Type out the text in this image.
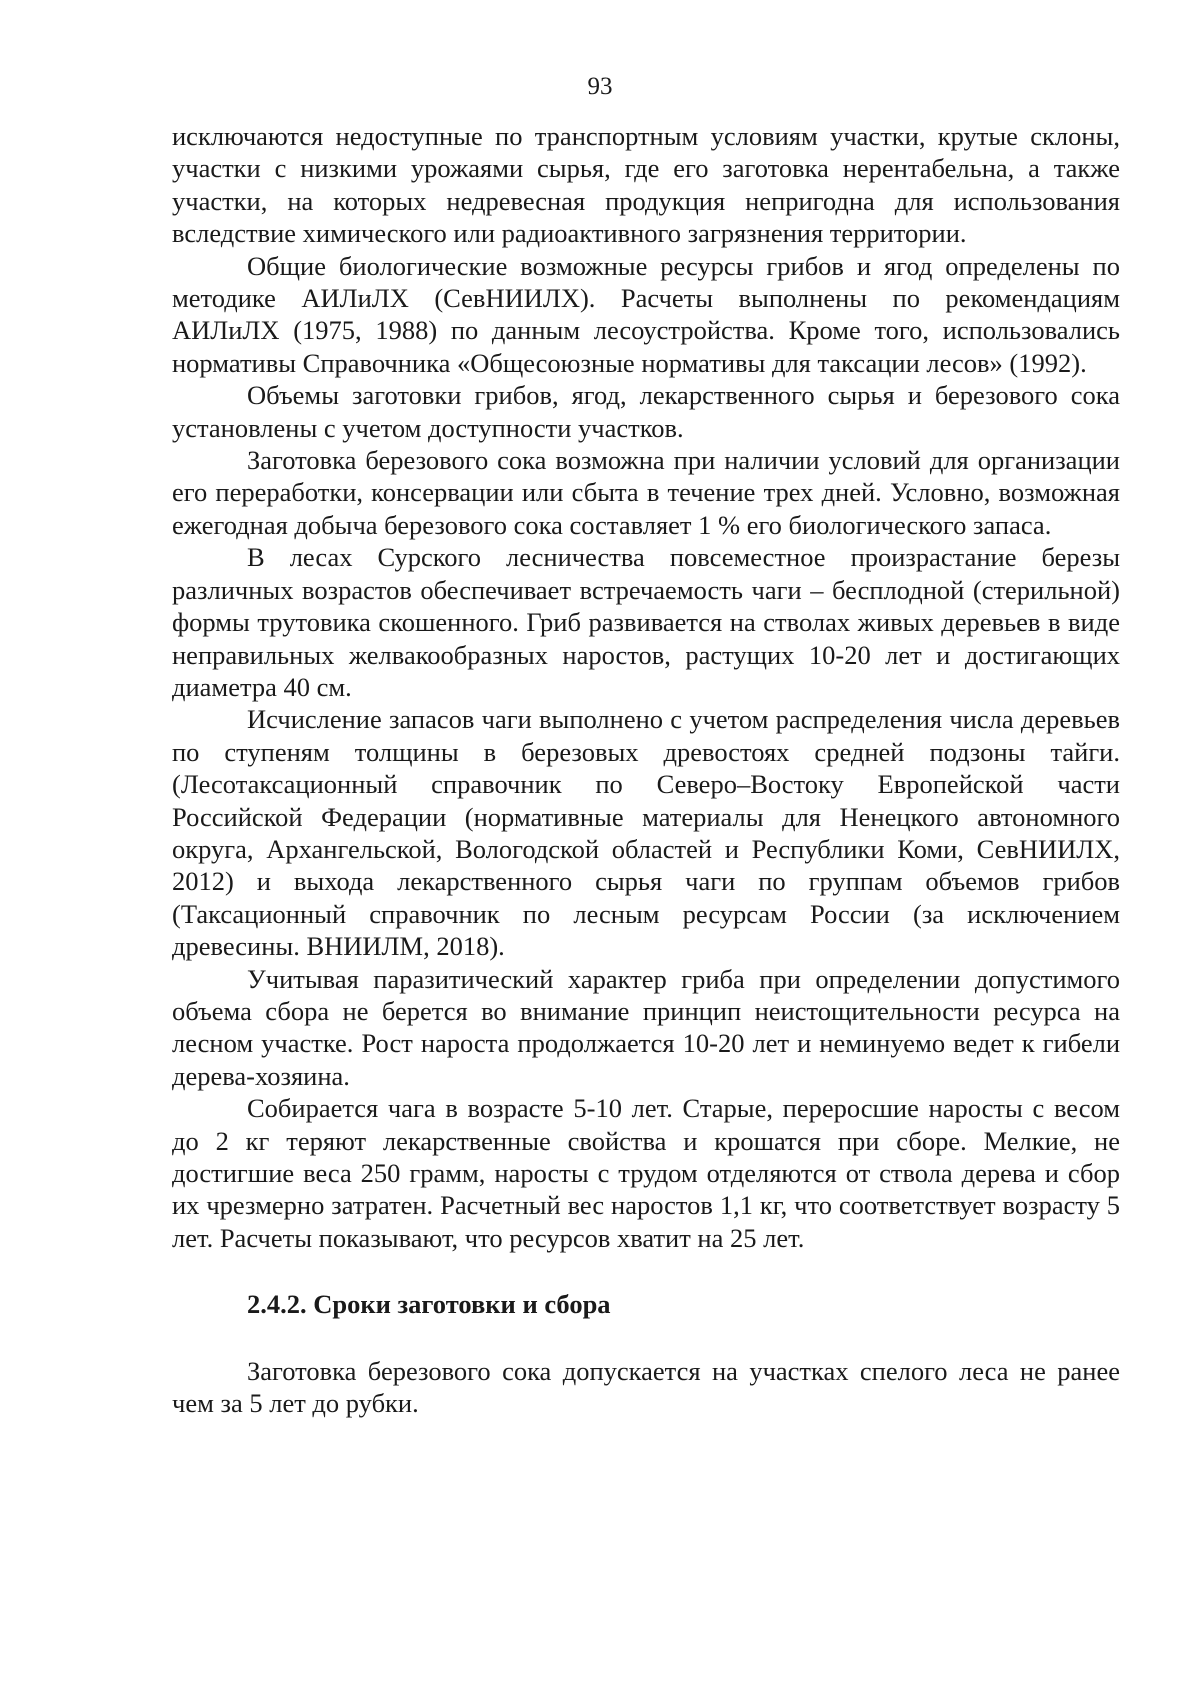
93

исключаются недоступные по транспортным условиям участки, крутые склоны, участки с низкими урожаями сырья, где его заготовка нерентабельна, а также участки, на которых недревесная продукция непригодна для использования вследствие химического или радиоактивного загрязнения территории.

Общие биологические возможные ресурсы грибов и ягод определены по методике АИЛиЛХ (СевНИИЛХ). Расчеты выполнены по рекомендациям АИЛиЛХ (1975, 1988) по данным лесоустройства. Кроме того, использовались нормативы Справочника «Общесоюзные нормативы для таксации лесов» (1992).

Объемы заготовки грибов, ягод, лекарственного сырья и березового сока установлены с учетом доступности участков.

Заготовка березового сока возможна при наличии условий для организации его переработки, консервации или сбыта в течение трех дней. Условно, возможная ежегодная добыча березового сока составляет 1 % его биологического запаса.

В лесах Сурского лесничества повсеместное произрастание березы различных возрастов обеспечивает встречаемость чаги – бесплодной (стерильной) формы трутовика скошенного. Гриб развивается на стволах живых деревьев в виде неправильных желвакообразных наростов, растущих 10-20 лет и достигающих диаметра 40 см.

Исчисление запасов чаги выполнено с учетом распределения числа деревьев по ступеням толщины в березовых древостоях средней подзоны тайги. (Лесотаксационный справочник по Северо–Востоку Европейской части Российской Федерации (нормативные материалы для Ненецкого автономного округа, Архангельской, Вологодской областей и Республики Коми, СевНИИЛХ, 2012) и выхода лекарственного сырья чаги по группам объемов грибов (Таксационный справочник по лесным ресурсам России (за исключением древесины. ВНИИЛМ, 2018).

Учитывая паразитический характер гриба при определении допустимого объема сбора не берется во внимание принцип неистощительности ресурса на лесном участке. Рост нароста продолжается 10-20 лет и неминуемо ведет к гибели дерева-хозяина.

Собирается чага в возрасте 5-10 лет. Старые, переросшие наросты с весом до 2 кг теряют лекарственные свойства и крошатся при сборе. Мелкие, не достигшие веса 250 грамм, наросты с трудом отделяются от ствола дерева и сбор их чрезмерно затратен. Расчетный вес наростов 1,1 кг, что соответствует возрасту 5 лет. Расчеты показывают, что ресурсов хватит на 25 лет.

2.4.2. Сроки заготовки и сбора

Заготовка березового сока допускается на участках спелого леса не ранее чем за 5 лет до рубки.
